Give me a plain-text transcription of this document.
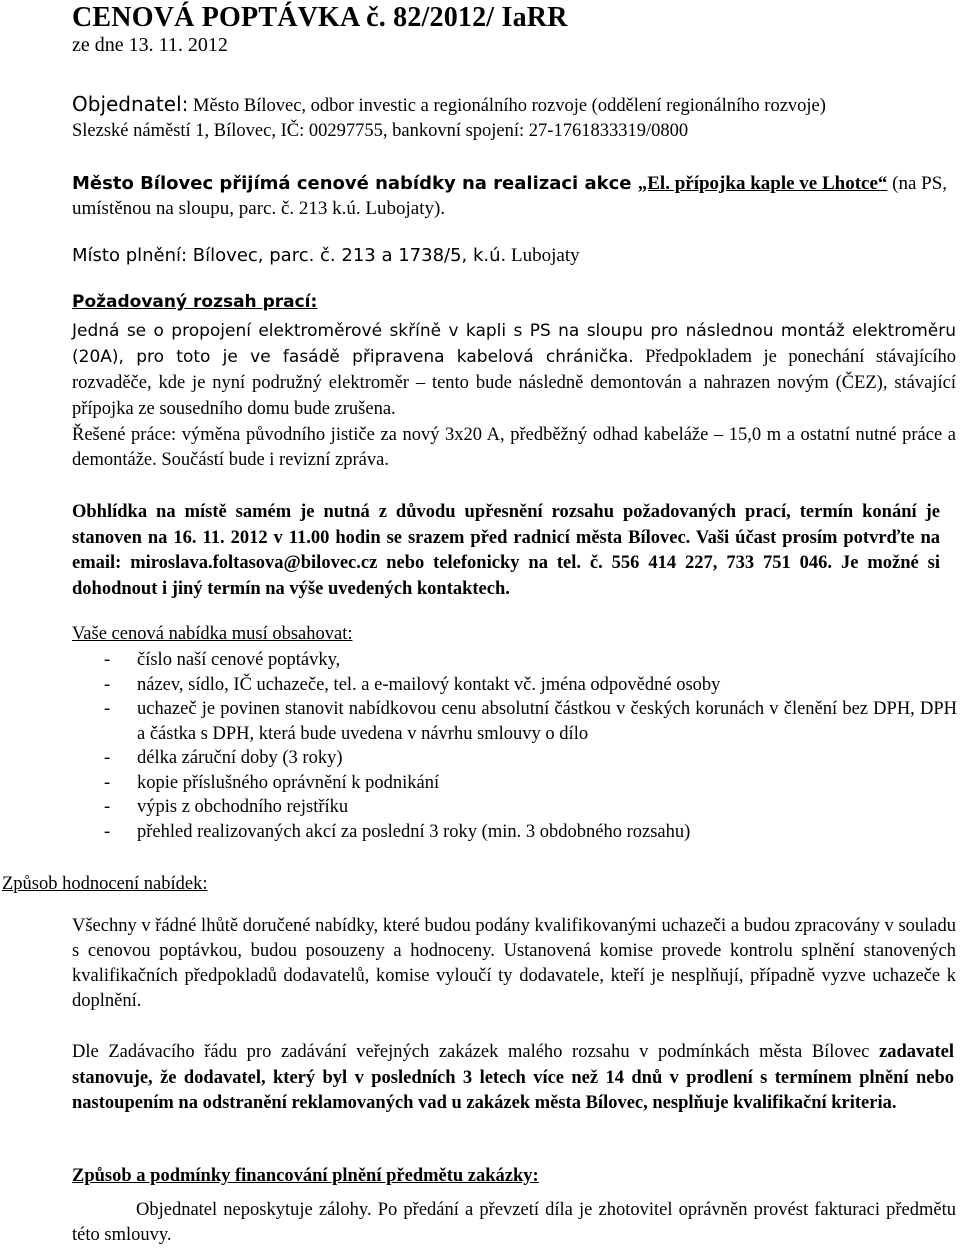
CENOVÁ POPTÁVKA č. 82/2012/ IaRR
ze dne 13. 11. 2012
Objednatel: Město Bílovec, odbor investic a regionálního rozvoje (oddělení regionálního rozvoje)
Slezské náměstí 1, Bílovec, IČ: 00297755, bankovní spojení: 27-1761833319/0800
Město Bílovec přijímá cenové nabídky na realizaci akce „El. přípojka kaple ve Lhotce“ (na PS, umístěnou na sloupu, parc. č. 213 k.ú. Lubojaty).
Místo plnění: Bílovec, parc. č. 213 a 1738/5, k.ú. Lubojaty
Požadovaný rozsah prací:
Jedná se o propojení elektroměrové skříně v kapli s PS na sloupu pro následnou montáž elektroměru (20A), pro toto je ve fasádě připravena kabelová chránička. Předpokladem je ponechání stávajícího rozvaděče, kde je nyní podružný elektroměr – tento bude následně demontován a nahrazen novým (ČEZ), stávající přípojka ze sousedního domu bude zrušena.
Řešené práce: výměna původního jističe za nový 3x20 A, předběžný odhad kabeláže – 15,0 m a ostatní nutné práce a demontáže. Součástí bude i revizní zpráva.
Obhlídka na místě samém je nutná z důvodu upřesnění rozsahu požadovaných prací, termín konání je stanoven na 16. 11. 2012 v 11.00 hodin se srazem před radnicí města Bílovec. Vaši účast prosím potvrďte na email: miroslava.foltasova@bilovec.cz nebo telefonicky na tel. č. 556 414 227, 733 751 046. Je možné si dohodnout i jiný termín na výše uvedených kontaktech.
Vaše cenová nabídka musí obsahovat:
- číslo naší cenové poptávky,
- název, sídlo, IČ uchazeče, tel. a e-mailový kontakt vč. jména odpovědné osoby
- uchazeč je povinen stanovit nabídkovou cenu absolutní částkou v českých korunách v členění bez DPH, DPH a částka s DPH, která bude uvedena v návrhu smlouvy o dílo
- délka záruční doby (3 roky)
- kopie příslušného oprávnění k podnikání
- výpis z obchodního rejstříku
- přehled realizovaných akcí za poslední 3 roky (min. 3 obdobného rozsahu)
Způsob hodnocení nabídek:
Všechny v řádné lhůtě doručené nabídky, které budou podány kvalifikovanými uchazeči a budou zpracovány v souladu s cenovou poptávkou, budou posouzeny a hodnoceny. Ustanovená komise provede kontrolu splnění stanovených kvalifikačních předpokladů dodavatelů, komise vyloučí ty dodavatele, kteří je nesplňují, případně vyzve uchazeče k doplnění.
Dle Zadávacího řádu pro zadávání veřejných zakázek malého rozsahu v podmínkách města Bílovec zadavatel stanovuje, že dodavatel, který byl v posledních 3 letech více než 14 dnů v prodlení s termínem plnění nebo nastoupením na odstranění reklamovaných vad u zakázek města Bílovec, nesplňuje kvalifikační kriteria.
Způsob a podmínky financování plnění předmětu zakázky:
Objednatel neposkytuje zálohy. Po předání a převzetí díla je zhotovitel oprávněn provést fakturaci předmětu této smlouvy.
